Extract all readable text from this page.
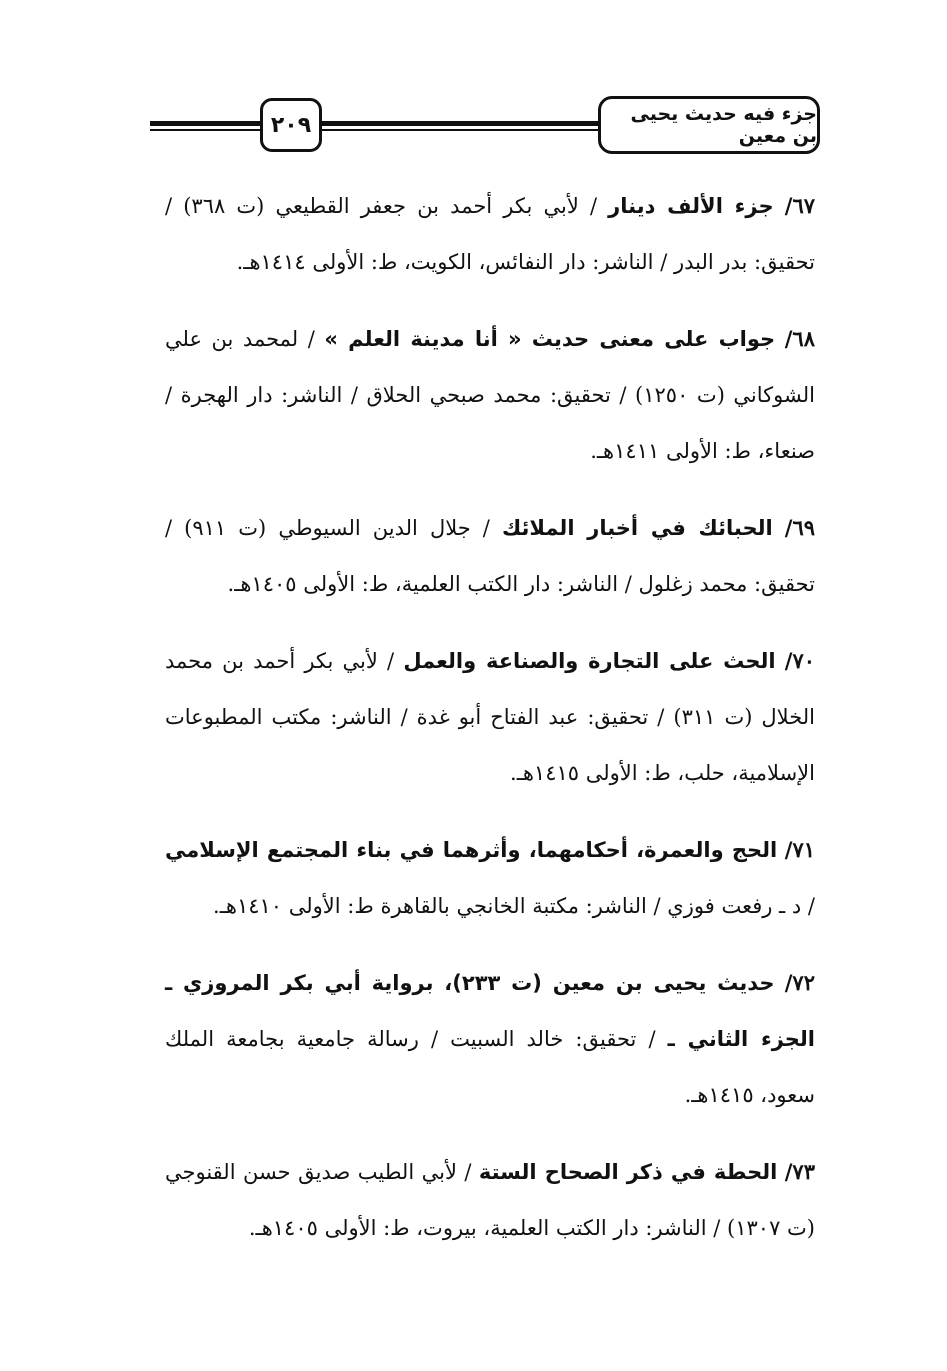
٢٠٩	جزء فيه حديث يحيى بن معين

٦٧/ جزء الألف دينار / لأبي بكر أحمد بن جعفر القطيعي (ت ٣٦٨) / تحقيق: بدر البدر / الناشر: دار النفائس، الكويت، ط: الأولى ١٤١٤هـ.

٦٨/ جواب على معنى حديث « أنا مدينة العلم » / لمحمد بن علي الشوكاني (ت ١٢٥٠) / تحقيق: محمد صبحي الحلاق / الناشر: دار الهجرة / صنعاء، ط: الأولى ١٤١١هـ.

٦٩/ الحبائك في أخبار الملائك / جلال الدين السيوطي (ت ٩١١) / تحقيق: محمد زغلول / الناشر: دار الكتب العلمية، ط: الأولى ١٤٠٥هـ.

٧٠/ الحث على التجارة والصناعة والعمل / لأبي بكر أحمد بن محمد الخلال (ت ٣١١) / تحقيق: عبد الفتاح أبو غدة / الناشر: مكتب المطبوعات الإسلامية، حلب، ط: الأولى ١٤١٥هـ.

٧١/ الحج والعمرة، أحكامهما، وأثرهما في بناء المجتمع الإسلامي / د ـ رفعت فوزي / الناشر: مكتبة الخانجي بالقاهرة ط: الأولى ١٤١٠هـ.

٧٢/ حديث يحيى بن معين (ت ٢٣٣)، برواية أبي بكر المروزي ـ الجزء الثاني ـ / تحقيق: خالد السبيت / رسالة جامعية بجامعة الملك سعود، ١٤١٥هـ.

٧٣/ الحطة في ذكر الصحاح الستة / لأبي الطيب صديق حسن القنوجي (ت ١٣٠٧) / الناشر: دار الكتب العلمية، بيروت، ط: الأولى ١٤٠٥هـ.
